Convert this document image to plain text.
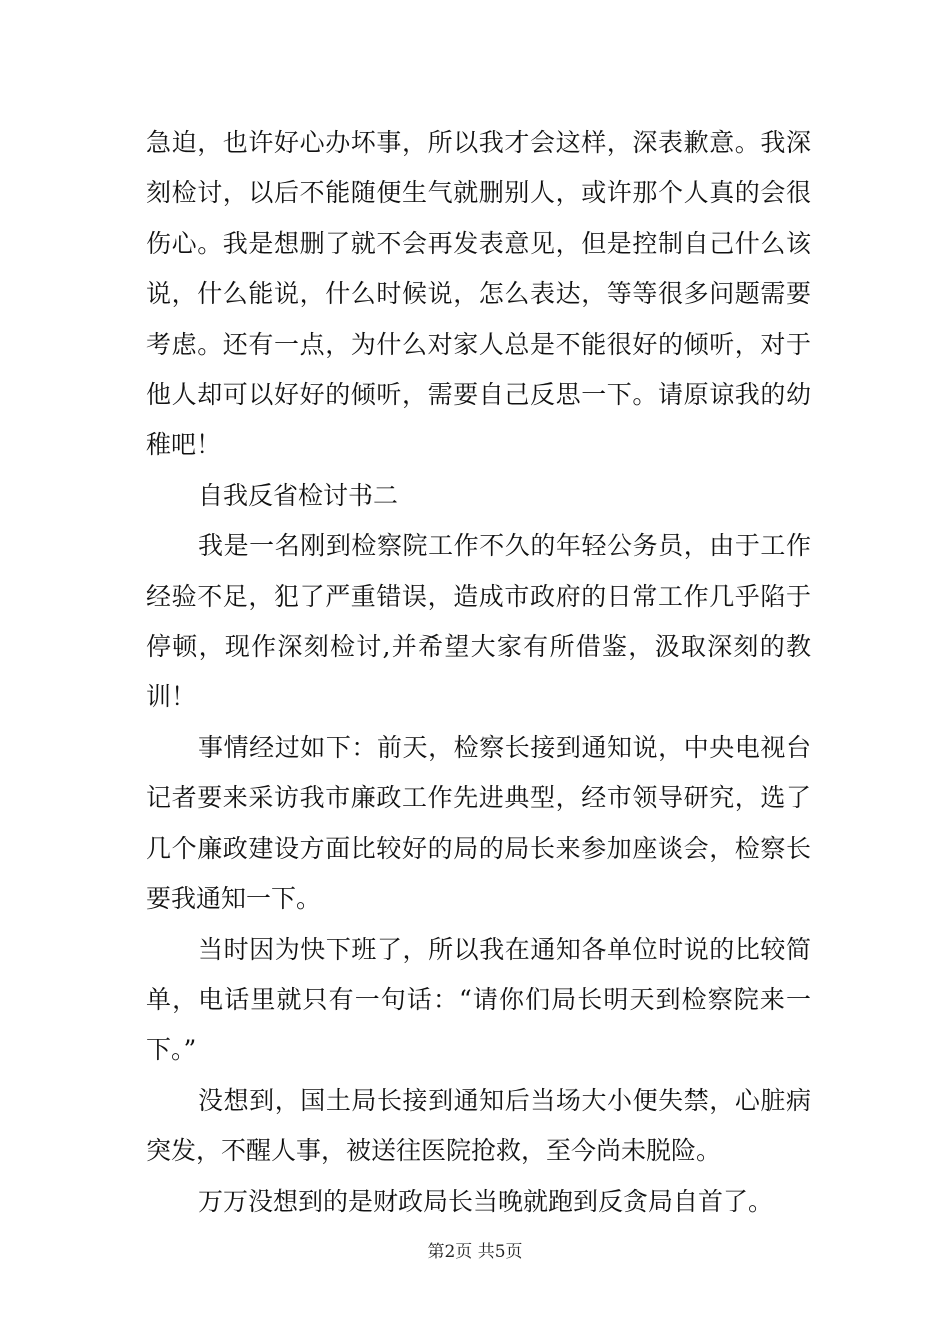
急迫，也许好心办坏事，所以我才会这样，深表歉意。我深刻检讨，以后不能随便生气就删别人，或许那个人真的会很伤心。我是想删了就不会再发表意见，但是控制自己什么该说，什么能说，什么时候说，怎么表达，等等很多问题需要考虑。还有一点，为什么对家人总是不能很好的倾听，对于他人却可以好好的倾听，需要自己反思一下。请原谅我的幼稚吧！

自我反省检讨书二

我是一名刚到检察院工作不久的年轻公务员，由于工作经验不足，犯了严重错误，造成市政府的日常工作几乎陷于停顿，现作深刻检讨,并希望大家有所借鉴，汲取深刻的教训！

事情经过如下：前天，检察长接到通知说，中央电视台记者要来采访我市廉政工作先进典型，经市领导研究，选了几个廉政建设方面比较好的局的局长来参加座谈会，检察长要我通知一下。

当时因为快下班了，所以我在通知各单位时说的比较简单，电话里就只有一句话：“请你们局长明天到检察院来一下。”

没想到，国土局长接到通知后当场大小便失禁，心脏病突发，不醒人事，被送往医院抢救，至今尚未脱险。

万万没想到的是财政局长当晚就跑到反贪局自首了。

第2页 共5页
